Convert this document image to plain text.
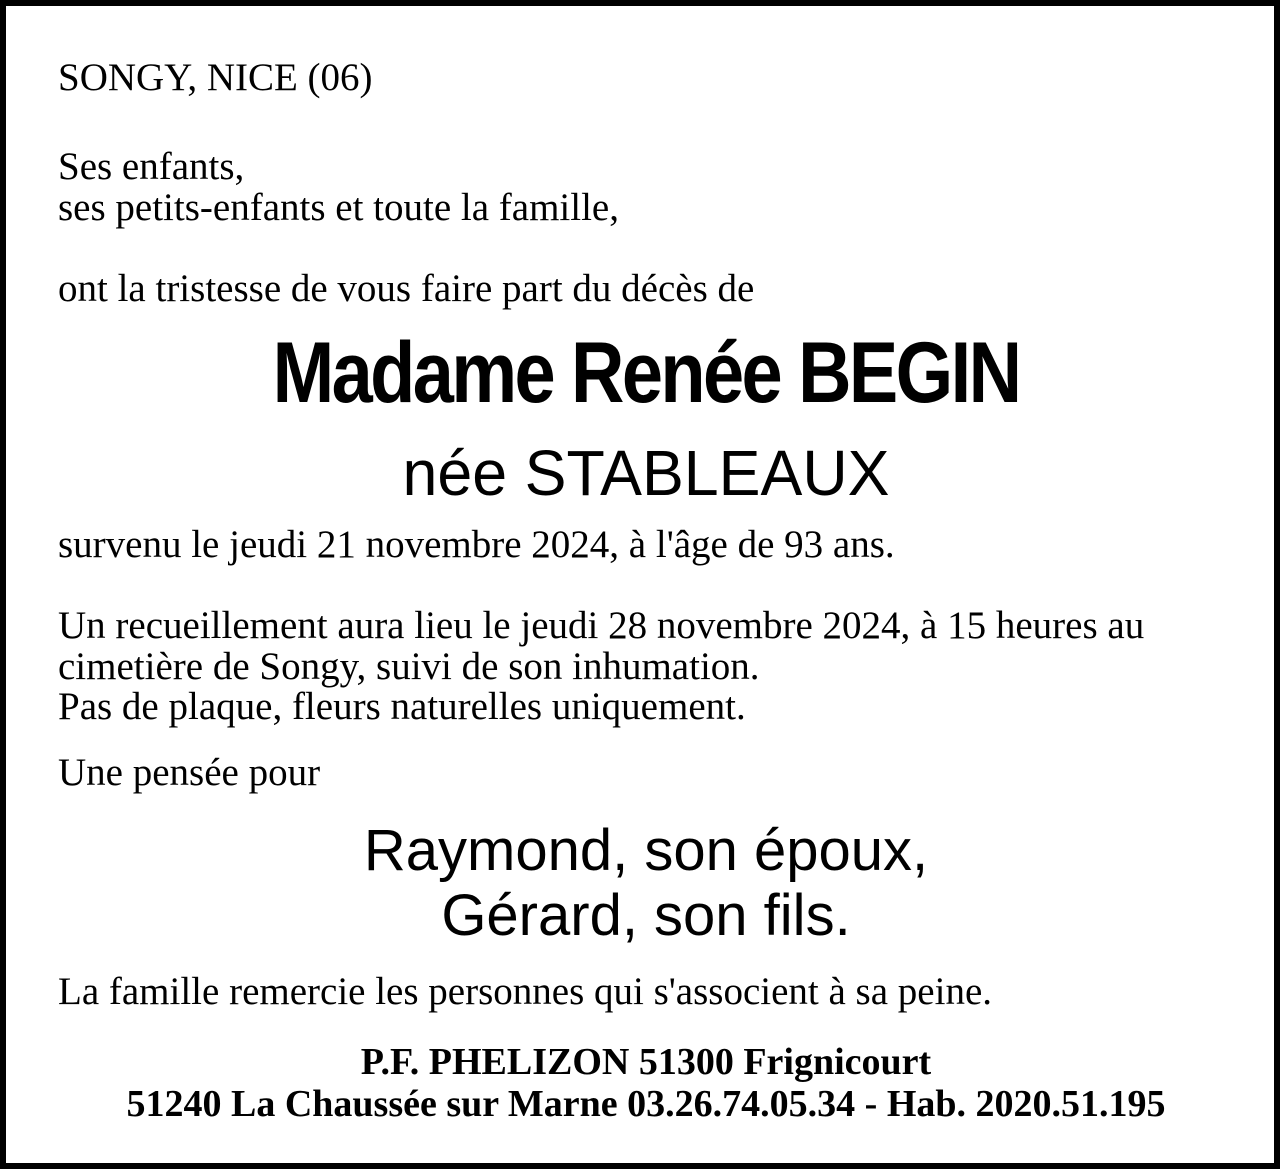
SONGY, NICE (06)

Ses enfants,

ses petits-enfants et toute la famille,

ont la tristesse de vous faire part du décès de

Madame Renée BEGIN

née STABLEAUX

survenu le jeudi 21 novembre 2024, à l'âge de 93 ans.

Un recueillement aura lieu le jeudi 28 novembre 2024, à 15 heures au

cimetière de Songy, suivi de son inhumation.

Pas de plaque, fleurs naturelles uniquement.

Une pensée pour

Raymond, son époux,

Gérard, son fils.

La famille remercie les personnes qui s'associent à sa peine.

P.F. PHELIZON 51300 Frignicourt

51240 La Chaussée sur Marne 03.26.74.05.34 - Hab. 2020.51.195
